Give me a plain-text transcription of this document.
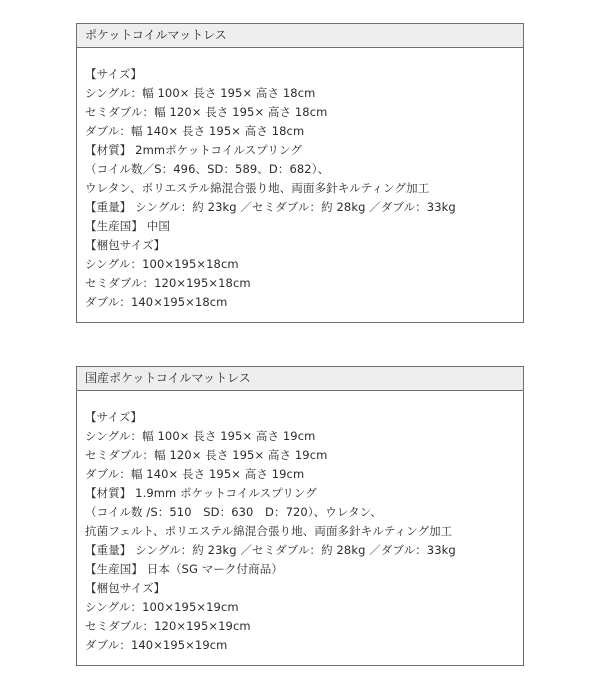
ポケットコイルマットレス
【サイズ】
シングル：幅 100× 長さ 195× 高さ 18cm
セミダブル：幅 120× 長さ 195× 高さ 18cm
ダブル：幅 140× 長さ 195× 高さ 18cm
【材質】 2mmポケットコイルスプリング
（コイル数／S：496、SD：589、D：682）、
ウレタン、ポリエステル綿混合張り地、両面多針キルティング加工
【重量】 シングル：約 23kg ／セミダブル：約 28kg ／ダブル：33kg
【生産国】 中国
【梱包サイズ】
シングル：100×195×18cm
セミダブル：120×195×18cm
ダブル：140×195×18cm
国産ポケットコイルマットレス
【サイズ】
シングル：幅 100× 長さ 195× 高さ 19cm
セミダブル：幅 120× 長さ 195× 高さ 19cm
ダブル：幅 140× 長さ 195× 高さ 19cm
【材質】 1.9mm ポケットコイルスプリング
（コイル数 /S：510　SD：630　D：720）、ウレタン、
抗菌フェルト、ポリエステル綿混合張り地、両面多針キルティング加工
【重量】 シングル：約 23kg ／セミダブル：約 28kg ／ダブル：33kg
【生産国】 日本（SG マーク付商品）
【梱包サイズ】
シングル：100×195×19cm
セミダブル：120×195×19cm
ダブル：140×195×19cm
